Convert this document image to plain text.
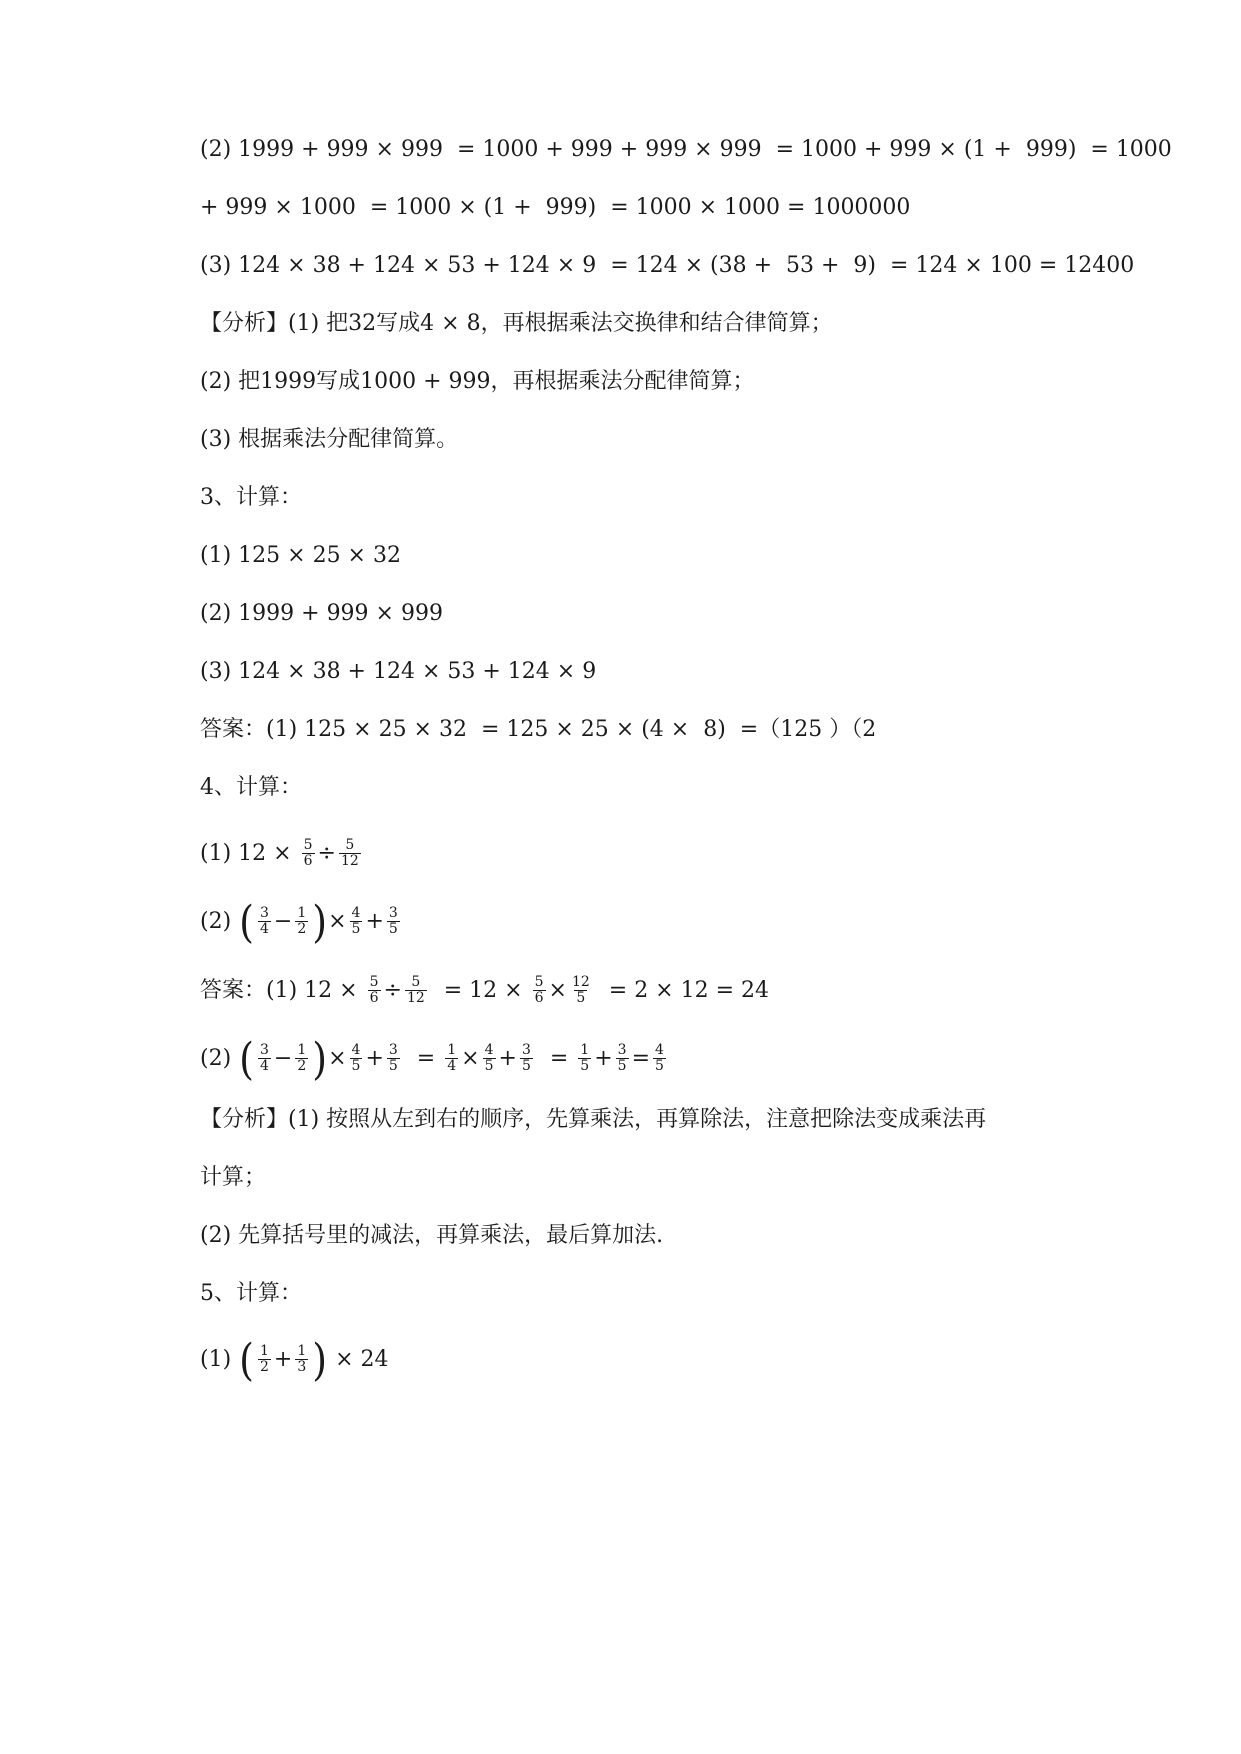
(2) 1999 + 999 × 999  = 1000 + 999 + 999 × 999  = 1000 + 999 × (1 +  999)  = 1000
+ 999 × 1000  = 1000 × (1 +  999)  = 1000 × 1000 = 1000000
(3) 124 × 38 + 124 × 53 + 124 × 9  = 124 × (38 +  53 +  9)  = 124 × 100 = 12400
【分析】(1) 把32写成4 × 8，再根据乘法交换律和结合律简算；
(2) 把1999写成1000 + 999，再根据乘法分配律简算；
(3) 根据乘法分配律简算。
3、计算：
(1) 125 × 25 × 32
(2) 1999 + 999 × 999
(3) 124 × 38 + 124 × 53 + 124 × 9
答案：(1) 125 × 25 × 32  = 125 × 25 × (4 ×  8)  =（125 ）（2
4、计算：
(1) $12 \times \frac{5}{6} \div \frac{5}{12}$
(2) ( $\frac{3}{4} - \frac{1}{2}$ ) × $\frac{4}{5} + \frac{3}{5}$
答案：(1) $12 \times \frac{5}{6} \div \frac{5}{12} = 12 \times \frac{5}{6} \times \frac{12}{5} = 2 \times 12 = 24$
(2) ( $\frac{3}{4} - \frac{1}{2}$ ) × $\frac{4}{5} + \frac{3}{5} = \frac{1}{4} \times \frac{4}{5} + \frac{3}{5} = \frac{1}{5} + \frac{3}{5} = \frac{4}{5}$
【分析】(1) 按照从左到右的顺序，先算乘法，再算除法，注意把除法变成乘法再
计算；
(2) 先算括号里的减法，再算乘法，最后算加法.
5、计算：
(1) ( $\frac{1}{2} + \frac{1}{3}$ ) × 24
